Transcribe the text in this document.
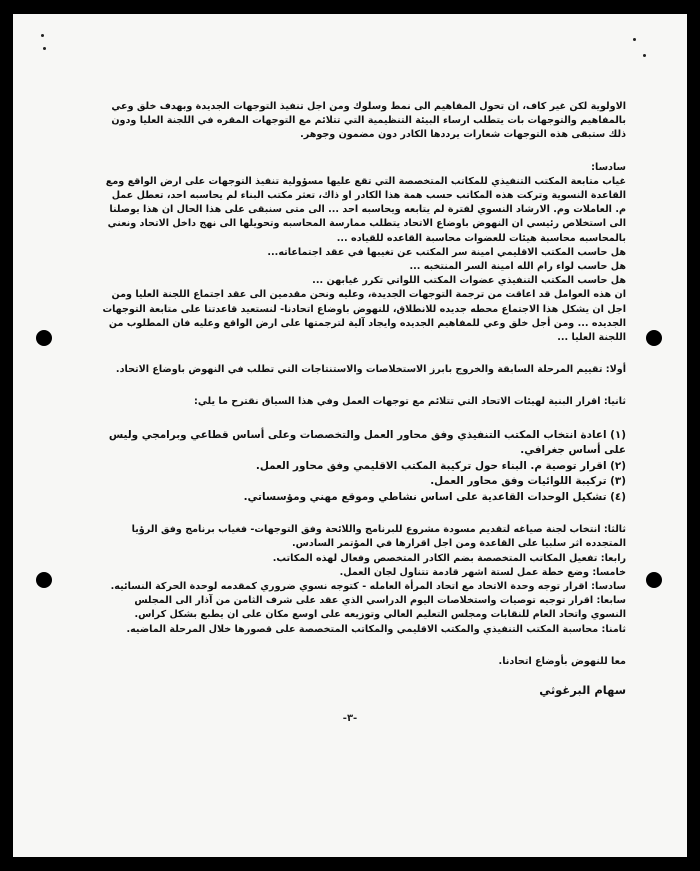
الاولوية لكن غير كاف، ان تحول المفاهيم الى نمط وسلوك ومن اجل تنفيذ التوجهات الجديدة وبهدف خلق وعي بالمفاهيم والتوجهات بات يتطلب ارساء البيئة التنظيمية التي تتلائم مع التوجهات المقره في اللجنة العليا ودون ذلك ستبقى هذه التوجهات شعارات يرددها الكادر دون مضمون وجوهر.

سادسا:

غياب متابعة المكتب التنفيذي للمكاتب المتخصصة التي تقع عليها مسؤولية تنفيذ التوجهات على ارض الواقع ومع القاعدة النسوية وتركت هذه المكاتب حسب همة هذا الكادر او ذاك، تعثر مكتب البناء لم يحاسبه احد، تعطل عمل م. العاملات وم. الارشاد النسوي لفترة لم يتابعه ويحاسبه احد ... الى متى سنبقى على هذا الحال ان هذا يوصلنا الى استخلاص رئيسي ان النهوض باوضاع الاتحاد يتطلب ممارسة المحاسبه وتحويلها الى نهج داخل الاتحاد ونعني بالمحاسبه محاسبة هيئات للعضوات محاسبة القاعده للقياده ...

هل حاسب المكتب الاقليمي امينة سر المكتب عن تغيبها في عقد اجتماعاته...

هل حاسب لواء رام الله امينة السر المنتخبه ...

هل حاسب المكتب التنفيذي عضوات المكتب اللواتي تكرر غيابهن ...

ان هذه العوامل قد اعاقت من ترجمة التوجهات الجديدة، وعليه ونحن مقدمين الى عقد اجتماع اللجنة العليا ومن اجل ان يشكل هذا الاجتماع محطه جديده للانطلاق، للنهوض باوضاع اتحادنا- لنستعيد قاعدتنا على متابعة التوجهات الجديده ... ومن أجل خلق وعي للمفاهيم الجديده وايجاد آلية لترجمتها على ارض الواقع وعليه فان المطلوب من اللجنة العليا ...

أولا: تقييم المرحلة السابقة والخروج بابرز الاستخلاصات والاستنتاجات التي تطلب في النهوض باوضاع الاتحاد.

ثانيا: اقرار البنية لهيئات الاتحاد التي تتلائم مع توجهات العمل وفي هذا السياق نقترح ما يلي:

(١) اعادة انتخاب المكتب التنفيذي وفق محاور العمل والتخصصات وعلى أساس قطاعي وبرامجي وليس على أساس جغرافي.

(٢) اقرار توصية م. البناء حول تركيبة المكتب الاقليمي وفق محاور العمل.

(٣) تركيبة اللوائيات وفق محاور العمل.

(٤) تشكيل الوحدات القاعدية على اساس نشاطي وموقع مهني ومؤسساتي.

ثالثا: انتخاب لجنة صياغه لتقديم مسودة مشروع للبرنامج واللائحة وفق التوجهات- فغياب برنامج وفق الرؤيا المتجدده اثر سلبيا على القاعدة ومن اجل اقرارها في المؤتمر السادس.

رابعا: تفعيل المكاتب المتخصصة بضم الكادر المتخصص وفعال لهذه المكاتب.

خامسا: وضع خطة عمل لستة اشهر قادمة تتناول لجان العمل.

سادسا: اقرار توجه وحدة الاتحاد مع اتحاد المرأة العامله - كتوجه نسوي ضروري كمقدمه لوحدة الحركة النسائيه.

سابعا: اقرار توجيه توصيات واستخلاصات اليوم الدراسي الذي عقد على شرف الثامن من آذار الى المجلس النسوي واتحاد العام للنقابات ومجلس التعليم العالي وتوزيعه على اوسع مكان على ان يطبع بشكل كراس.

ثامنا: محاسبة المكتب التنفيذي والمكتب الاقليمي والمكاتب المتخصصة على قصورها خلال المرحلة الماضيه.

معا للنهوض بأوضاع اتحادنا.

سهام البرغوثي

-٣-
